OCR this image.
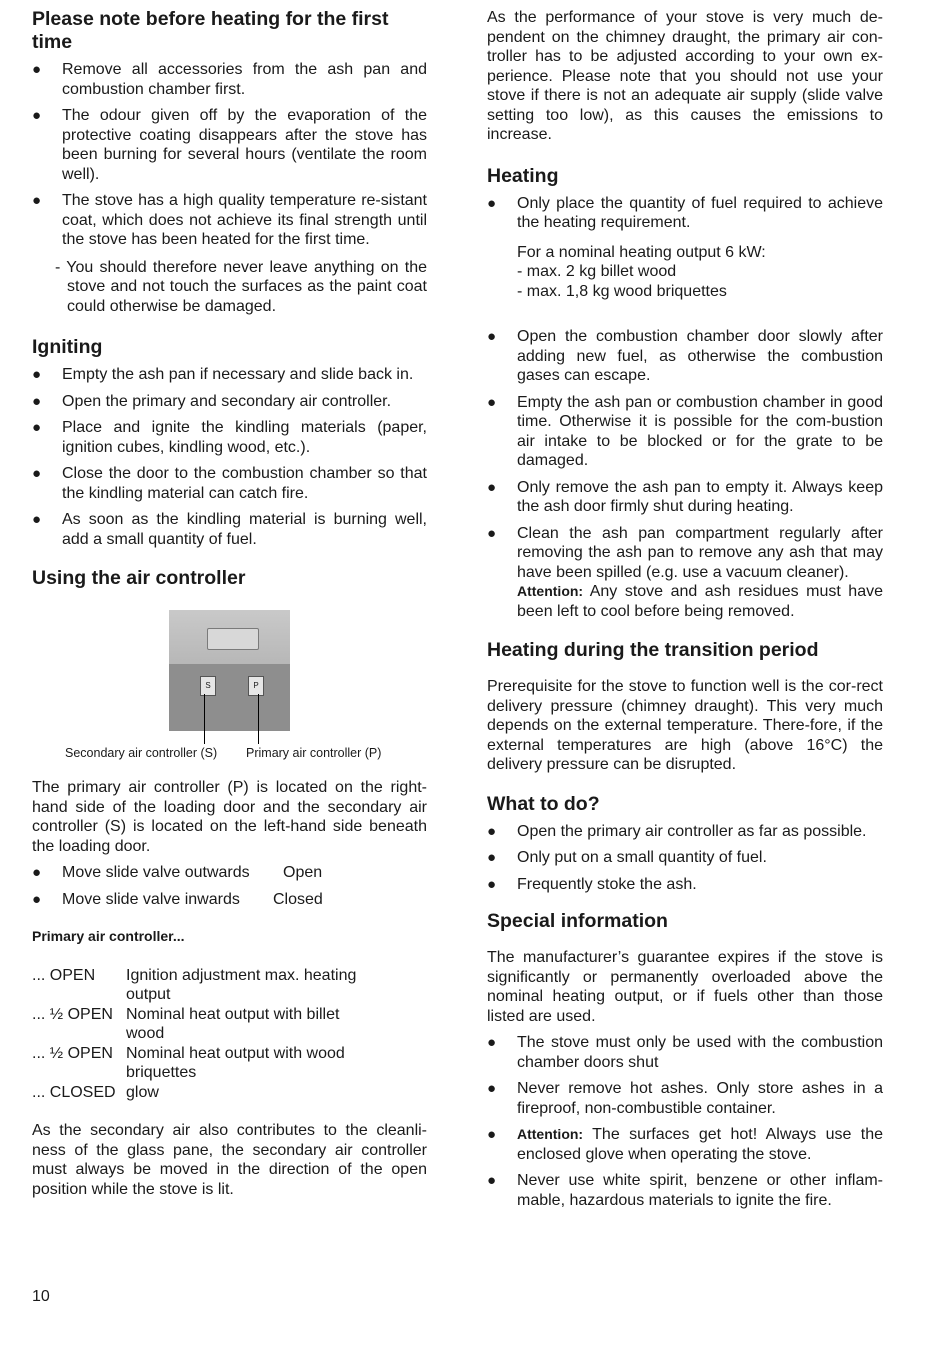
Please note before heating for the first time
● Remove all accessories from the ash pan and combustion chamber first.
● The odour given off by the evaporation of the protective coating disappears after the stove has been burning for several hours (ventilate the room well).
● The stove has a high quality temperature re-sistant coat, which does not achieve its final strength until the stove has been heated for the first time.

- You should therefore never leave anything on the stove and not touch the surfaces as the paint coat could otherwise be damaged.

Igniting
● Empty the ash pan if necessary and slide back in.
● Open the primary and secondary air controller.
● Place and ignite the kindling materials (paper, ignition cubes, kindling wood, etc.).
● Close the door to the combustion chamber so that the kindling material can catch fire.
● As soon as the kindling material is burning well, add a small quantity of fuel.
Using the air controller
S	P
Secondary air controller (S) Primary air controller (P)

The primary air controller (P) is located on the right-hand side of the loading door and the secondary air controller (S) is located on the left-hand side beneath the loading door.

● Move slide valve outwards Open
● Move slide valve inwards Closed

Primary air controller...

... OPEN	Ignition adjustment max. heating output
... ½ OPEN	Nominal heat output with billet wood
... ½ OPEN	Nominal heat output with wood briquettes
... CLOSED	glow

As the secondary air also contributes to the cleanli-ness of the glass pane, the secondary air controller must always be moved in the direction of the open position while the stove is lit.

As the performance of your stove is very much de-pendent on the chimney draught, the primary air con-troller has to be adjusted according to your own ex-perience. Please note that you should not use your stove if there is not an adequate air supply (slide valve setting too low), as this causes the emissions to increase.

Heating
● Only place the quantity of fuel required to achieve the heating requirement.
For a nominal heating output 6 kW:
- max. 2 kg billet wood
- max. 1,8 kg wood briquettes
● Open the combustion chamber door slowly after adding new fuel, as otherwise the combustion gases can escape.
● Empty the ash pan or combustion chamber in good time. Otherwise it is possible for the com-bustion air intake to be blocked or for the grate to be damaged.
● Only remove the ash pan to empty it. Always keep the ash door firmly shut during heating.
● Clean the ash pan compartment regularly after removing the ash pan to remove any ash that may have been spilled (e.g. use a vacuum cleaner).
Attention: Any stove and ash residues must have been left to cool before being removed.
Heating during the transition period

Prerequisite for the stove to function well is the cor-rect delivery pressure (chimney draught). This very much depends on the external temperature. There-fore, if the external temperatures are high (above 16°C) the delivery pressure can be disrupted.

What to do?
● Open the primary air controller as far as possible.
● Only put on a small quantity of fuel.
● Frequently stoke the ash.
Special information

The manufacturer’s guarantee expires if the stove is significantly or permanently overloaded above the nominal heating output, or if fuels other than those listed are used.

● The stove must only be used with the combustion chamber doors shut
● Never remove hot ashes. Only store ashes in a fireproof, non-combustible container.
● Attention: The surfaces get hot! Always use the enclosed glove when operating the stove.
● Never use white spirit, benzene or other inflam-mable, hazardous materials to ignite the fire.
10
